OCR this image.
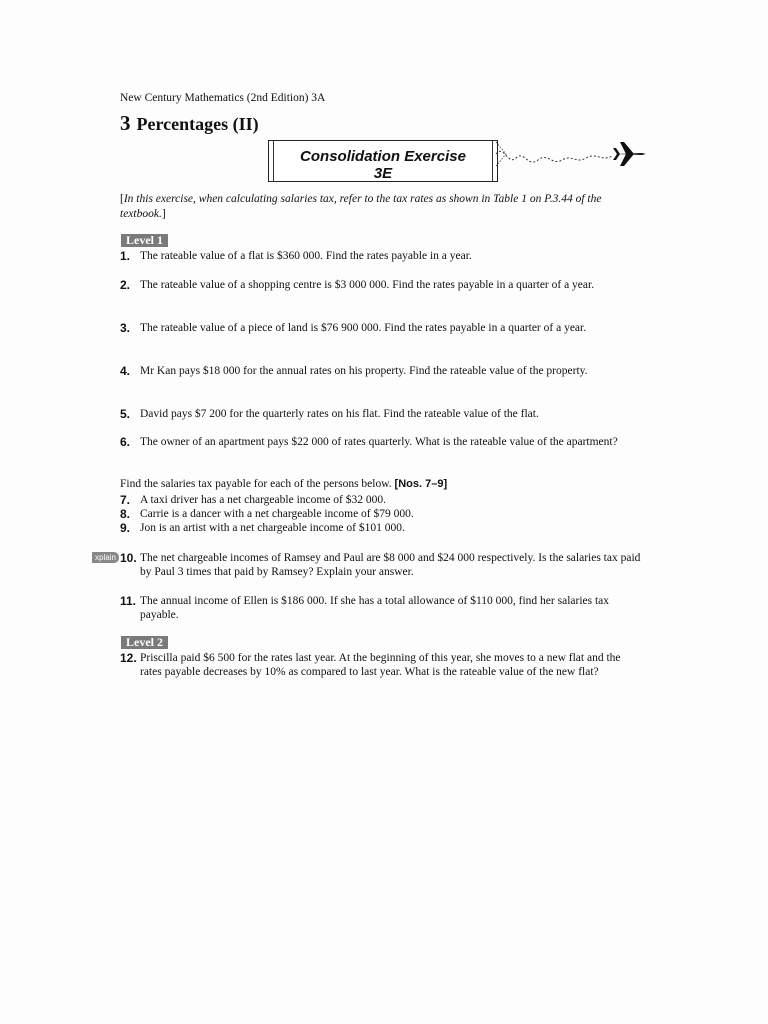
New Century Mathematics (2nd Edition) 3A
3 Percentages (II)
Consolidation Exercise
3E
[In this exercise, when calculating salaries tax, refer to the tax rates as shown in Table 1 on P.3.44 of the textbook.]
Level 1
1. The rateable value of a flat is $360 000. Find the rates payable in a year.
2. The rateable value of a shopping centre is $3 000 000. Find the rates payable in a quarter of a year.
3. The rateable value of a piece of land is $76 900 000. Find the rates payable in a quarter of a year.
4. Mr Kan pays $18 000 for the annual rates on his property. Find the rateable value of the property.
5. David pays $7 200 for the quarterly rates on his flat. Find the rateable value of the flat.
6. The owner of an apartment pays $22 000 of rates quarterly. What is the rateable value of the apartment?
Find the salaries tax payable for each of the persons below. [Nos. 7–9]
7. A taxi driver has a net chargeable income of $32 000.
8. Carrie is a dancer with a net chargeable income of $79 000.
9. Jon is an artist with a net chargeable income of $101 000.
xplain 10. The net chargeable incomes of Ramsey and Paul are $8 000 and $24 000 respectively. Is the salaries tax paid by Paul 3 times that paid by Ramsey? Explain your answer.
11. The annual income of Ellen is $186 000. If she has a total allowance of $110 000, find her salaries tax payable.
Level 2
12. Priscilla paid $6 500 for the rates last year. At the beginning of this year, she moves to a new flat and the rates payable decreases by 10% as compared to last year. What is the rateable value of the new flat?
